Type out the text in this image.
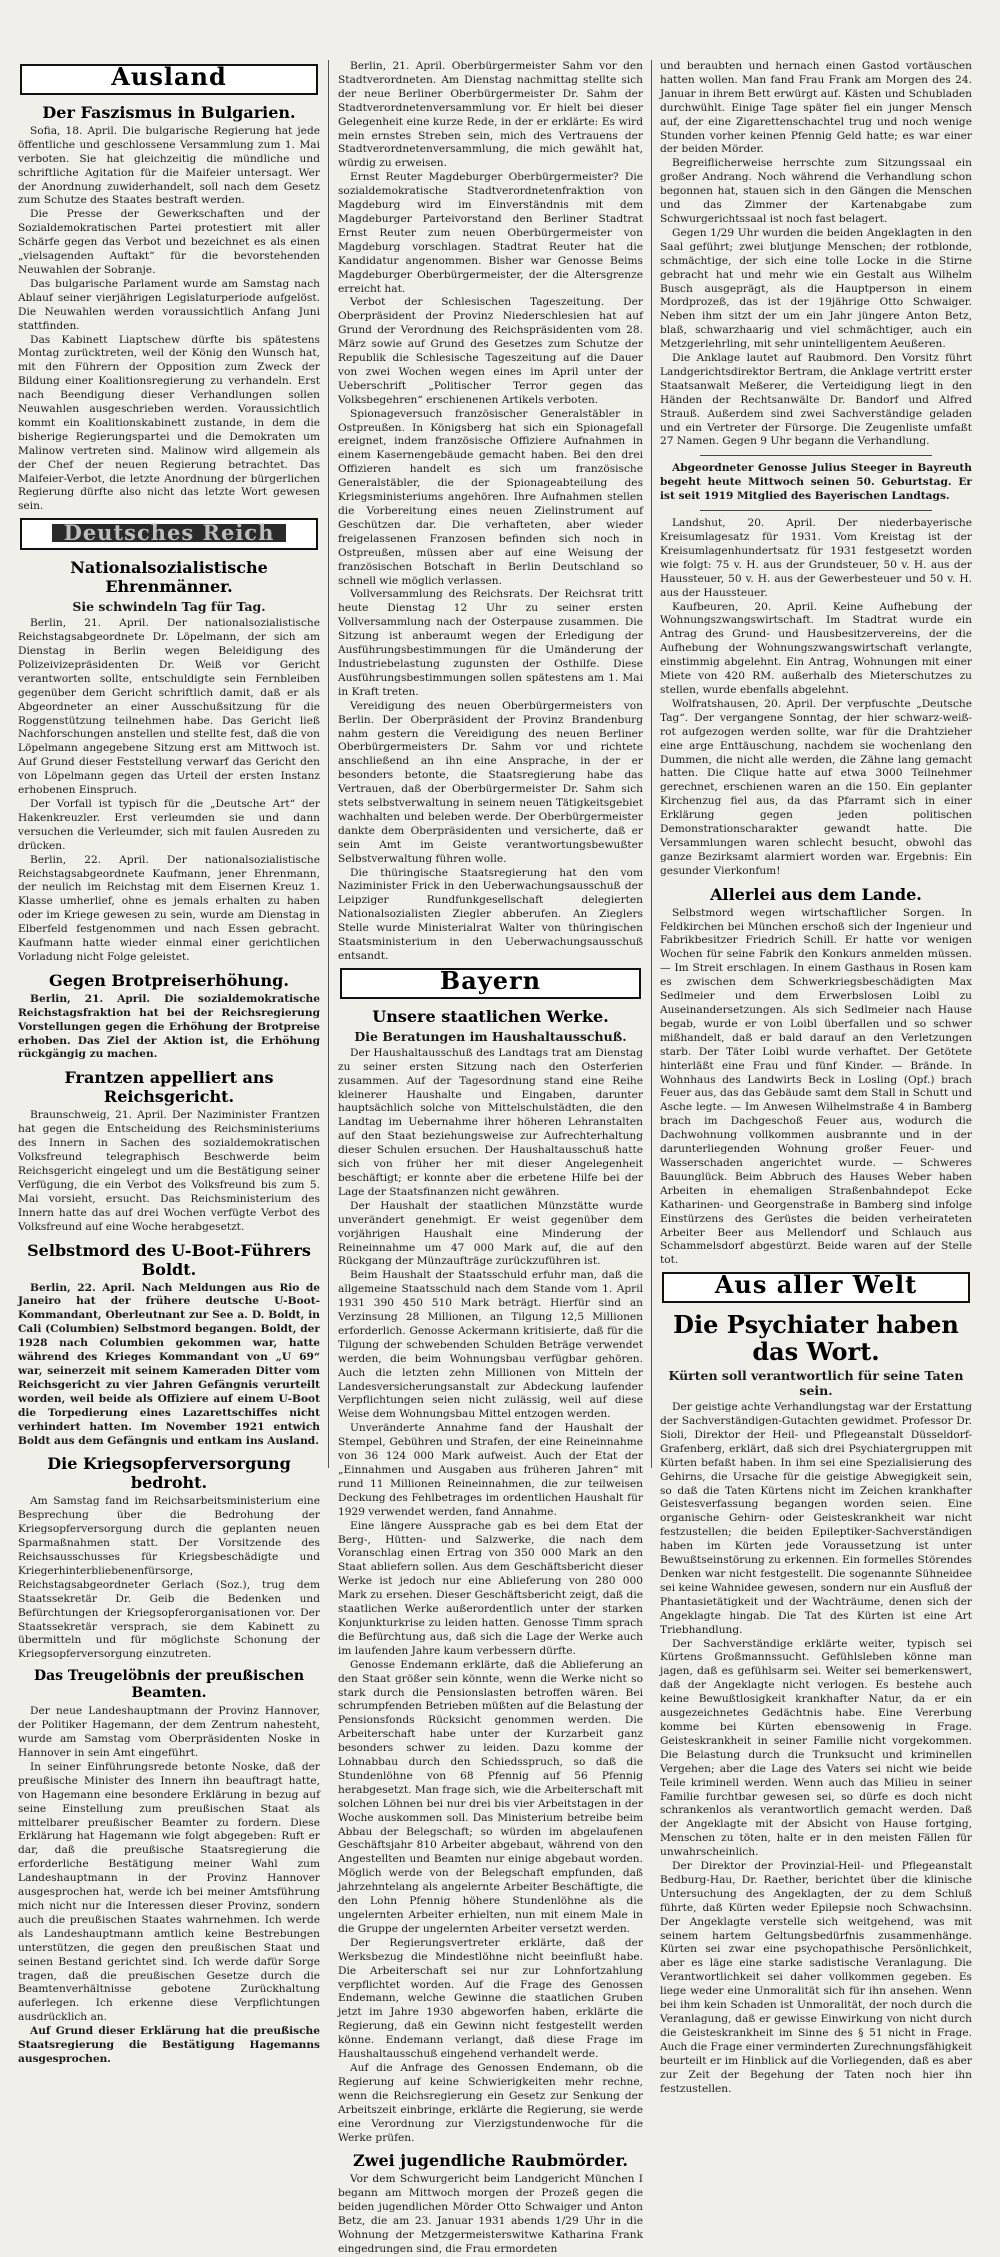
Ausland
Der Faszismus in Bulgarien.

Sofia, 18. April. Die bulgarische Regierung hat jede öffentliche und geschlossene Versammlung zum 1. Mai verboten. Sie hat gleichzeitig die mündliche und schriftliche Agitation für die Maifeier untersagt. Wer der Anordnung zuwiderhandelt, soll nach dem Gesetz zum Schutze des Staates bestraft werden.

Die Presse der Gewerkschaften und der Sozialdemokratischen Partei protestiert mit aller Schärfe gegen das Verbot und bezeichnet es als einen „vielsagenden Auftakt“ für die bevorstehenden Neuwahlen der Sobranje.

Das bulgarische Parlament wurde am Samstag nach Ablauf seiner vierjährigen Legislaturperiode aufgelöst. Die Neuwahlen werden voraussichtlich Anfang Juni stattfinden.

Das Kabinett Liaptschew dürfte bis spätestens Montag zurücktreten, weil der König den Wunsch hat, mit den Führern der Opposition zum Zweck der Bildung einer Koalitionsregierung zu verhandeln. Erst nach Beendigung dieser Verhandlungen sollen Neuwahlen ausgeschrieben werden. Voraussichtlich kommt ein Koalitionskabinett zustande, in dem die bisherige Regierungspartei und die Demokraten um Malinow vertreten sind. Malinow wird allgemein als der Chef der neuen Regierung betrachtet. Das Maifeier-Verbot, die letzte Anordnung der bürgerlichen Regierung dürfte also nicht das letzte Wort gewesen sein.

Deutsches Reich
Nationalsozialistische Ehrenmänner.
Sie schwindeln Tag für Tag.

Berlin, 21. April. Der nationalsozialistische Reichstagsabgeordnete Dr. Löpelmann, der sich am Dienstag in Berlin wegen Beleidigung des Polizeivizepräsidenten Dr. Weiß vor Gericht verantworten sollte, entschuldigte sein Fernbleiben gegenüber dem Gericht schriftlich damit, daß er als Abgeordneter an einer Ausschußsitzung für die Roggenstützung teilnehmen habe. Das Gericht ließ Nachforschungen anstellen und stellte fest, daß die von Löpelmann angegebene Sitzung erst am Mittwoch ist. Auf Grund dieser Feststellung verwarf das Gericht den von Löpelmann gegen das Urteil der ersten Instanz erhobenen Einspruch.

Der Vorfall ist typisch für die „Deutsche Art“ der Hakenkreuzler. Erst verleumden sie und dann versuchen die Verleumder, sich mit faulen Ausreden zu drücken.

Berlin, 22. April. Der nationalsozialistische Reichstagsabgeordnete Kaufmann, jener Ehrenmann, der neulich im Reichstag mit dem Eisernen Kreuz 1. Klasse umherlief, ohne es jemals erhalten zu haben oder im Kriege gewesen zu sein, wurde am Dienstag in Elberfeld festgenommen und nach Essen gebracht. Kaufmann hatte wieder einmal einer gerichtlichen Vorladung nicht Folge geleistet.

Gegen Brotpreiserhöhung.

Berlin, 21. April. Die sozialdemokratische Reichstagsfraktion hat bei der Reichsregierung Vorstellungen gegen die Erhöhung der Brotpreise erhoben. Das Ziel der Aktion ist, die Erhöhung rückgängig zu machen.

Frantzen appelliert ans Reichsgericht.

Braunschweig, 21. April. Der Naziminister Frantzen hat gegen die Entscheidung des Reichsministeriums des Innern in Sachen des sozialdemokratischen Volksfreund telegraphisch Beschwerde beim Reichsgericht eingelegt und um die Bestätigung seiner Verfügung, die ein Verbot des Volksfreund bis zum 5. Mai vorsieht, ersucht. Das Reichsministerium des Innern hatte das auf drei Wochen verfügte Verbot des Volksfreund auf eine Woche herabgesetzt.

Selbstmord des U-Boot-Führers Boldt.

Berlin, 22. April. Nach Meldungen aus Rio de Janeiro hat der frühere deutsche U-Boot-Kommandant, Oberleutnant zur See a. D. Boldt, in Cali (Columbien) Selbstmord begangen. Boldt, der 1928 nach Columbien gekommen war, hatte während des Krieges Kommandant von „U 69“ war, seinerzeit mit seinem Kameraden Ditter vom Reichsgericht zu vier Jahren Gefängnis verurteilt worden, weil beide als Offiziere auf einem U-Boot die Torpedierung eines Lazarettschiffes nicht verhindert hatten. Im November 1921 entwich Boldt aus dem Gefängnis und entkam ins Ausland.

Die Kriegsopferversorgung bedroht.

Am Samstag fand im Reichsarbeitsministerium eine Besprechung über die Bedrohung der Kriegsopferversorgung durch die geplanten neuen Sparmaßnahmen statt. Der Vorsitzende des Reichsausschusses für Kriegsbeschädigte und Kriegerhinterbliebenenfürsorge, Reichstagsabgeordneter Gerlach (Soz.), trug dem Staatssekretär Dr. Geib die Bedenken und Befürchtungen der Kriegsopferorganisationen vor. Der Staatssekretär versprach, sie dem Kabinett zu übermitteln und für möglichste Schonung der Kriegsopferversorgung einzutreten.

Das Treugelöbnis der preußischen Beamten.

Der neue Landeshauptmann der Provinz Hannover, der Politiker Hagemann, der dem Zentrum nahesteht, wurde am Samstag vom Oberpräsidenten Noske in Hannover in sein Amt eingeführt.

In seiner Einführungsrede betonte Noske, daß der preußische Minister des Innern ihn beauftragt hatte, von Hagemann eine besondere Erklärung in bezug auf seine Einstellung zum preußischen Staat als mittelbarer preußischer Beamter zu fordern. Diese Erklärung hat Hagemann wie folgt abgegeben: Ruft er dar, daß die preußische Staatsregierung die erforderliche Bestätigung meiner Wahl zum Landeshauptmann in der Provinz Hannover ausgesprochen hat, werde ich bei meiner Amtsführung mich nicht nur die Interessen dieser Provinz, sondern auch die preußischen Staates wahrnehmen. Ich werde als Landeshauptmann amtlich keine Bestrebungen unterstützen, die gegen den preußischen Staat und seinen Bestand gerichtet sind. Ich werde dafür Sorge tragen, daß die preußischen Gesetze durch die Beamtenverhältnisse gebotene Zurückhaltung auferlegen. Ich erkenne diese Verpflichtungen ausdrücklich an.

Auf Grund dieser Erklärung hat die preußische Staatsregierung die Bestätigung Hagemanns ausgesprochen.

Berlin, 21. April. Oberbürgermeister Sahm vor den Stadtverordneten. Am Dienstag nachmittag stellte sich der neue Berliner Oberbürgermeister Dr. Sahm der Stadtverordnetenversammlung vor. Er hielt bei dieser Gelegenheit eine kurze Rede, in der er erklärte: Es wird mein ernstes Streben sein, mich des Vertrauens der Stadtverordnetenversammlung, die mich gewählt hat, würdig zu erweisen.

Ernst Reuter Magdeburger Oberbürgermeister? Die sozialdemokratische Stadtverordnetenfraktion von Magdeburg wird im Einverständnis mit dem Magdeburger Parteivorstand den Berliner Stadtrat Ernst Reuter zum neuen Oberbürgermeister von Magdeburg vorschlagen. Stadtrat Reuter hat die Kandidatur angenommen. Bisher war Genosse Beims Magdeburger Oberbürgermeister, der die Altersgrenze erreicht hat.

Verbot der Schlesischen Tageszeitung. Der Oberpräsident der Provinz Niederschlesien hat auf Grund der Verordnung des Reichspräsidenten vom 28. März sowie auf Grund des Gesetzes zum Schutze der Republik die Schlesische Tageszeitung auf die Dauer von zwei Wochen wegen eines im April unter der Ueberschrift „Politischer Terror gegen das Volksbegehren“ erschienenen Artikels verboten.

Spionageversuch französischer Generalstäbler in Ostpreußen. In Königsberg hat sich ein Spionagefall ereignet, indem französische Offiziere Aufnahmen in einem Kasernengebäude gemacht haben. Bei den drei Offizieren handelt es sich um französische Generalstäbler, die der Spionageabteilung des Kriegsministeriums angehören. Ihre Aufnahmen stellen die Vorbereitung eines neuen Zielinstrument auf Geschützen dar. Die verhafteten, aber wieder freigelassenen Franzosen befinden sich noch in Ostpreußen, müssen aber auf eine Weisung der französischen Botschaft in Berlin Deutschland so schnell wie möglich verlassen.

Vollversammlung des Reichsrats. Der Reichsrat tritt heute Dienstag 12 Uhr zu seiner ersten Vollversammlung nach der Osterpause zusammen. Die Sitzung ist anberaumt wegen der Erledigung der Ausführungsbestimmungen für die Umänderung der Industriebelastung zugunsten der Osthilfe. Diese Ausführungsbestimmungen sollen spätestens am 1. Mai in Kraft treten.

Vereidigung des neuen Oberbürgermeisters von Berlin. Der Oberpräsident der Provinz Brandenburg nahm gestern die Vereidigung des neuen Berliner Oberbürgermeisters Dr. Sahm vor und richtete anschließend an ihn eine Ansprache, in der er besonders betonte, die Staatsregierung habe das Vertrauen, daß der Oberbürgermeister Dr. Sahm sich stets selbstverwaltung in seinem neuen Tätigkeitsgebiet wachhalten und beleben werde. Der Oberbürgermeister dankte dem Oberpräsidenten und versicherte, daß er sein Amt im Geiste verantwortungsbewußter Selbstverwaltung führen wolle.

Die thüringische Staatsregierung hat den vom Naziminister Frick in den Ueberwachungsausschuß der Leipziger Rundfunkgesellschaft delegierten Nationalsozialisten Ziegler abberufen. An Zieglers Stelle wurde Ministerialrat Walter von thüringischen Staatsministerium in den Ueberwachungsausschuß entsandt.

Bayern
Unsere staatlichen Werke.
Die Beratungen im Haushaltausschuß.

Der Haushaltausschuß des Landtags trat am Dienstag zu seiner ersten Sitzung nach den Osterferien zusammen. Auf der Tagesordnung stand eine Reihe kleinerer Haushalte und Eingaben, darunter hauptsächlich solche von Mittelschulstädten, die den Landtag im Uebernahme ihrer höheren Lehranstalten auf den Staat beziehungsweise zur Aufrechterhaltung dieser Schulen ersuchen. Der Haushaltausschuß hatte sich von früher her mit dieser Angelegenheit beschäftigt; er konnte aber die erbetene Hilfe bei der Lage der Staatsfinanzen nicht gewähren.

Der Haushalt der staatlichen Münzstätte wurde unverändert genehmigt. Er weist gegenüber dem vorjährigen Haushalt eine Minderung der Reineinnahme um 47 000 Mark auf, die auf den Rückgang der Münzaufträge zurückzuführen ist.

Beim Haushalt der Staatsschuld erfuhr man, daß die allgemeine Staatsschuld nach dem Stande vom 1. April 1931 390 450 510 Mark beträgt. Hierfür sind an Verzinsung 28 Millionen, an Tilgung 12,5 Millionen erforderlich. Genosse Ackermann kritisierte, daß für die Tilgung der schwebenden Schulden Beträge verwendet werden, die beim Wohnungsbau verfügbar gehören. Auch die letzten zehn Millionen von Mitteln der Landesversicherungsanstalt zur Abdeckung laufender Verpflichtungen seien nicht zulässig, weil auf diese Weise dem Wohnungsbau Mittel entzogen werden.

Unveränderte Annahme fand der Haushalt der Stempel, Gebühren und Strafen, der eine Reineinnahme von 36 124 000 Mark aufweist. Auch der Etat der „Einnahmen und Ausgaben aus früheren Jahren“ mit rund 11 Millionen Reineinnahmen, die zur teilweisen Deckung des Fehlbetrages im ordentlichen Haushalt für 1929 verwendet werden, fand Annahme.

Eine längere Aussprache gab es bei dem Etat der Berg-, Hütten- und Salzwerke, die nach dem Voranschlag einen Ertrag von 350 000 Mark an den Staat abliefern sollen. Aus dem Geschäftsbericht dieser Werke ist jedoch nur eine Ablieferung von 280 000 Mark zu ersehen. Dieser Geschäftsbericht zeigt, daß die staatlichen Werke außerordentlich unter der starken Konjunkturkrise zu leiden hatten. Genosse Timm sprach die Befürchtung aus, daß sich die Lage der Werke auch im laufenden Jahre kaum verbessern dürfte.

Genosse Endemann erklärte, daß die Ablieferung an den Staat größer sein könnte, wenn die Werke nicht so stark durch die Pensionslasten betroffen wären. Bei schrumpfenden Betrieben müßten auf die Belastung der Pensionsfonds Rücksicht genommen werden. Die Arbeiterschaft habe unter der Kurzarbeit ganz besonders schwer zu leiden. Dazu komme der Lohnabbau durch den Schiedsspruch, so daß die Stundenlöhne von 68 Pfennig auf 56 Pfennig herabgesetzt. Man frage sich, wie die Arbeiterschaft mit solchen Löhnen bei nur drei bis vier Arbeitstagen in der Woche auskommen soll. Das Ministerium betreibe beim Abbau der Belegschaft; so würden im abgelaufenen Geschäftsjahr 810 Arbeiter abgebaut, während von den Angestellten und Beamten nur einige abgebaut worden. Möglich werde von der Belegschaft empfunden, daß jahrzehntelang als angelernte Arbeiter Beschäftigte, die den Lohn Pfennig höhere Stundenlöhne als die ungelernten Arbeiter erhielten, nun mit einem Male in die Gruppe der ungelernten Arbeiter versetzt werden.

Der Regierungsvertreter erklärte, daß der Werksbezug die Mindestlöhne nicht beeinflußt habe. Die Arbeiterschaft sei nur zur Lohnfortzahlung verpflichtet worden. Auf die Frage des Genossen Endemann, welche Gewinne die staatlichen Gruben jetzt im Jahre 1930 abgeworfen haben, erklärte die Regierung, daß ein Gewinn nicht festgestellt werden könne. Endemann verlangt, daß diese Frage im Haushaltausschuß eingehend verhandelt werde.

Auf die Anfrage des Genossen Endemann, ob die Regierung auf keine Schwierigkeiten mehr rechne, wenn die Reichsregierung ein Gesetz zur Senkung der Arbeitszeit einbringe, erklärte die Regierung, sie werde eine Verordnung zur Vierzigstundenwoche für die Werke prüfen.

Zwei jugendliche Raubmörder.

Vor dem Schwurgericht beim Landgericht München I begann am Mittwoch morgen der Prozeß gegen die beiden jugendlichen Mörder Otto Schwaiger und Anton Betz, die am 23. Januar 1931 abends 1/29 Uhr in die Wohnung der Metzgermeisterswitwe Katharina Frank eingedrungen sind, die Frau ermordeten

und beraubten und hernach einen Gastod vortäuschen hatten wollen. Man fand Frau Frank am Morgen des 24. Januar in ihrem Bett erwürgt auf. Kästen und Schubladen durchwühlt. Einige Tage später fiel ein junger Mensch auf, der eine Zigarettenschachtel trug und noch wenige Stunden vorher keinen Pfennig Geld hatte; es war einer der beiden Mörder.

Begreiflicherweise herrschte zum Sitzungssaal ein großer Andrang. Noch während die Verhandlung schon begonnen hat, stauen sich in den Gängen die Menschen und das Zimmer der Kartenabgabe zum Schwurgerichtssaal ist noch fast belagert.

Gegen 1/29 Uhr wurden die beiden Angeklagten in den Saal geführt; zwei blutjunge Menschen; der rotblonde, schmächtige, der sich eine tolle Locke in die Stirne gebracht hat und mehr wie ein Gestalt aus Wilhelm Busch ausgeprägt, als die Hauptperson in einem Mordprozeß, das ist der 19jährige Otto Schwaiger. Neben ihm sitzt der um ein Jahr jüngere Anton Betz, blaß, schwarzhaarig und viel schmächtiger, auch ein Metzgerlehrling, mit sehr unintelligentem Aeußeren.

Die Anklage lautet auf Raubmord. Den Vorsitz führt Landgerichtsdirektor Bertram, die Anklage vertritt erster Staatsanwalt Meßerer, die Verteidigung liegt in den Händen der Rechtsanwälte Dr. Bandorf und Alfred Strauß. Außerdem sind zwei Sachverständige geladen und ein Vertreter der Fürsorge. Die Zeugenliste umfaßt 27 Namen. Gegen 9 Uhr begann die Verhandlung.

Abgeordneter Genosse Julius Steeger in Bayreuth begeht heute Mittwoch seinen 50. Geburtstag. Er ist seit 1919 Mitglied des Bayerischen Landtags.

Landshut, 20. April. Der niederbayerische Kreisumlagesatz für 1931. Vom Kreistag ist der Kreisumlagenhundertsatz für 1931 festgesetzt worden wie folgt: 75 v. H. aus der Grundsteuer, 50 v. H. aus der Haussteuer, 50 v. H. aus der Gewerbesteuer und 50 v. H. aus der Haussteuer.

Kaufbeuren, 20. April. Keine Aufhebung der Wohnungszwangswirtschaft. Im Stadtrat wurde ein Antrag des Grund- und Hausbesitzervereins, der die Aufhebung der Wohnungszwangswirtschaft verlangte, einstimmig abgelehnt. Ein Antrag, Wohnungen mit einer Miete von 420 RM. außerhalb des Mieterschutzes zu stellen, wurde ebenfalls abgelehnt.

Wolfratshausen, 20. April. Der verpfuschte „Deutsche Tag“. Der vergangene Sonntag, der hier schwarz-weiß-rot aufgezogen werden sollte, war für die Drahtzieher eine arge Enttäuschung, nachdem sie wochenlang den Dummen, die nicht alle werden, die Zähne lang gemacht hatten. Die Clique hatte auf etwa 3000 Teilnehmer gerechnet, erschienen waren an die 150. Ein geplanter Kirchenzug fiel aus, da das Pfarramt sich in einer Erklärung gegen jeden politischen Demonstrationscharakter gewandt hatte. Die Versammlungen waren schlecht besucht, obwohl das ganze Bezirksamt alarmiert worden war. Ergebnis: Ein gesunder Vierkonfum!

Allerlei aus dem Lande.

Selbstmord wegen wirtschaftlicher Sorgen. In Feldkirchen bei München erschoß sich der Ingenieur und Fabrikbesitzer Friedrich Schill. Er hatte vor wenigen Wochen für seine Fabrik den Konkurs anmelden müssen. — Im Streit erschlagen. In einem Gasthaus in Rosen kam es zwischen dem Schwerkriegsbeschädigten Max Sedlmeier und dem Erwerbslosen Loibl zu Auseinandersetzungen. Als sich Sedlmeier nach Hause begab, wurde er von Loibl überfallen und so schwer mißhandelt, daß er bald darauf an den Verletzungen starb. Der Täter Loibl wurde verhaftet. Der Getötete hinterläßt eine Frau und fünf Kinder. — Brände. In Wohnhaus des Landwirts Beck in Losling (Opf.) brach Feuer aus, das das Gebäude samt dem Stall in Schutt und Asche legte. — Im Anwesen Wilhelmstraße 4 in Bamberg brach im Dachgeschoß Feuer aus, wodurch die Dachwohnung vollkommen ausbrannte und in der darunterliegenden Wohnung großer Feuer- und Wasserschaden angerichtet wurde. — Schweres Bauunglück. Beim Abbruch des Hauses Weber haben Arbeiten in ehemaligen Straßenbahndepot Ecke Katharinen- und Georgenstraße in Bamberg sind infolge Einstürzens des Gerüstes die beiden verheirateten Arbeiter Beer aus Mellendorf und Schlauch aus Schammelsdorf abgestürzt. Beide waren auf der Stelle tot.

Aus aller Welt
Die Psychiater haben das Wort.
Kürten soll verantwortlich für seine Taten sein.

Der geistige achte Verhandlungstag war der Erstattung der Sachverständigen-Gutachten gewidmet. Professor Dr. Sioli, Direktor der Heil- und Pflegeanstalt Düsseldorf-Grafenberg, erklärt, daß sich drei Psychiatergruppen mit Kürten befaßt haben. In ihm sei eine Spezialisierung des Gehirns, die Ursache für die geistige Abwegigkeit sein, so daß die Taten Kürtens nicht im Zeichen krankhafter Geistesverfassung begangen worden seien. Eine organische Gehirn- oder Geisteskrankheit war nicht festzustellen; die beiden Epileptiker-Sachverständigen haben im Kürten jede Voraussetzung ist unter Bewußtseinstörung zu erkennen. Ein formelles Störendes Denken war nicht festgestellt. Die sogenannte Sühneidee sei keine Wahnidee gewesen, sondern nur ein Ausfluß der Phantasietätigkeit und der Wachträume, denen sich der Angeklagte hingab. Die Tat des Kürten ist eine Art Triebhandlung.

Der Sachverständige erklärte weiter, typisch sei Kürtens Großmannssucht. Gefühlsleben könne man jagen, daß es gefühlsarm sei. Weiter sei bemerkenswert, daß der Angeklagte nicht verlogen. Es bestehe auch keine Bewußtlosigkeit krankhafter Natur, da er ein ausgezeichnetes Gedächtnis habe. Eine Vererbung komme bei Kürten ebensowenig in Frage. Geisteskrankheit in seiner Familie nicht vorgekommen. Die Belastung durch die Trunksucht und kriminellen Vergehen; aber die Lage des Vaters sei nicht wie beide Teile kriminell werden. Wenn auch das Milieu in seiner Familie furchtbar gewesen sei, so dürfe es doch nicht schrankenlos als verantwortlich gemacht werden. Daß der Angeklagte mit der Absicht von Hause fortging, Menschen zu töten, halte er in den meisten Fällen für unwahrscheinlich.

Der Direktor der Provinzial-Heil- und Pflegeanstalt Bedburg-Hau, Dr. Raether, berichtet über die klinische Untersuchung des Angeklagten, der zu dem Schluß führte, daß Kürten weder Epilepsie noch Schwachsinn. Der Angeklagte verstelle sich weitgehend, was mit seinem hartem Geltungsbedürfnis zusammenhänge. Kürten sei zwar eine psychopathische Persönlichkeit, aber es läge eine starke sadistische Veranlagung. Die Verantwortlichkeit sei daher vollkommen gegeben. Es liege weder eine Unmoralität sich für ihn ansehen. Wenn bei ihm kein Schaden ist Unmoralität, der noch durch die Veranlagung, daß er gewisse Einwirkung von nicht durch die Geisteskrankheit im Sinne des § 51 nicht in Frage. Auch die Frage einer verminderten Zurechnungsfähigkeit beurteilt er im Hinblick auf die Vorliegenden, daß es aber zur Zeit der Begehung der Taten noch hier ihn festzustellen.
